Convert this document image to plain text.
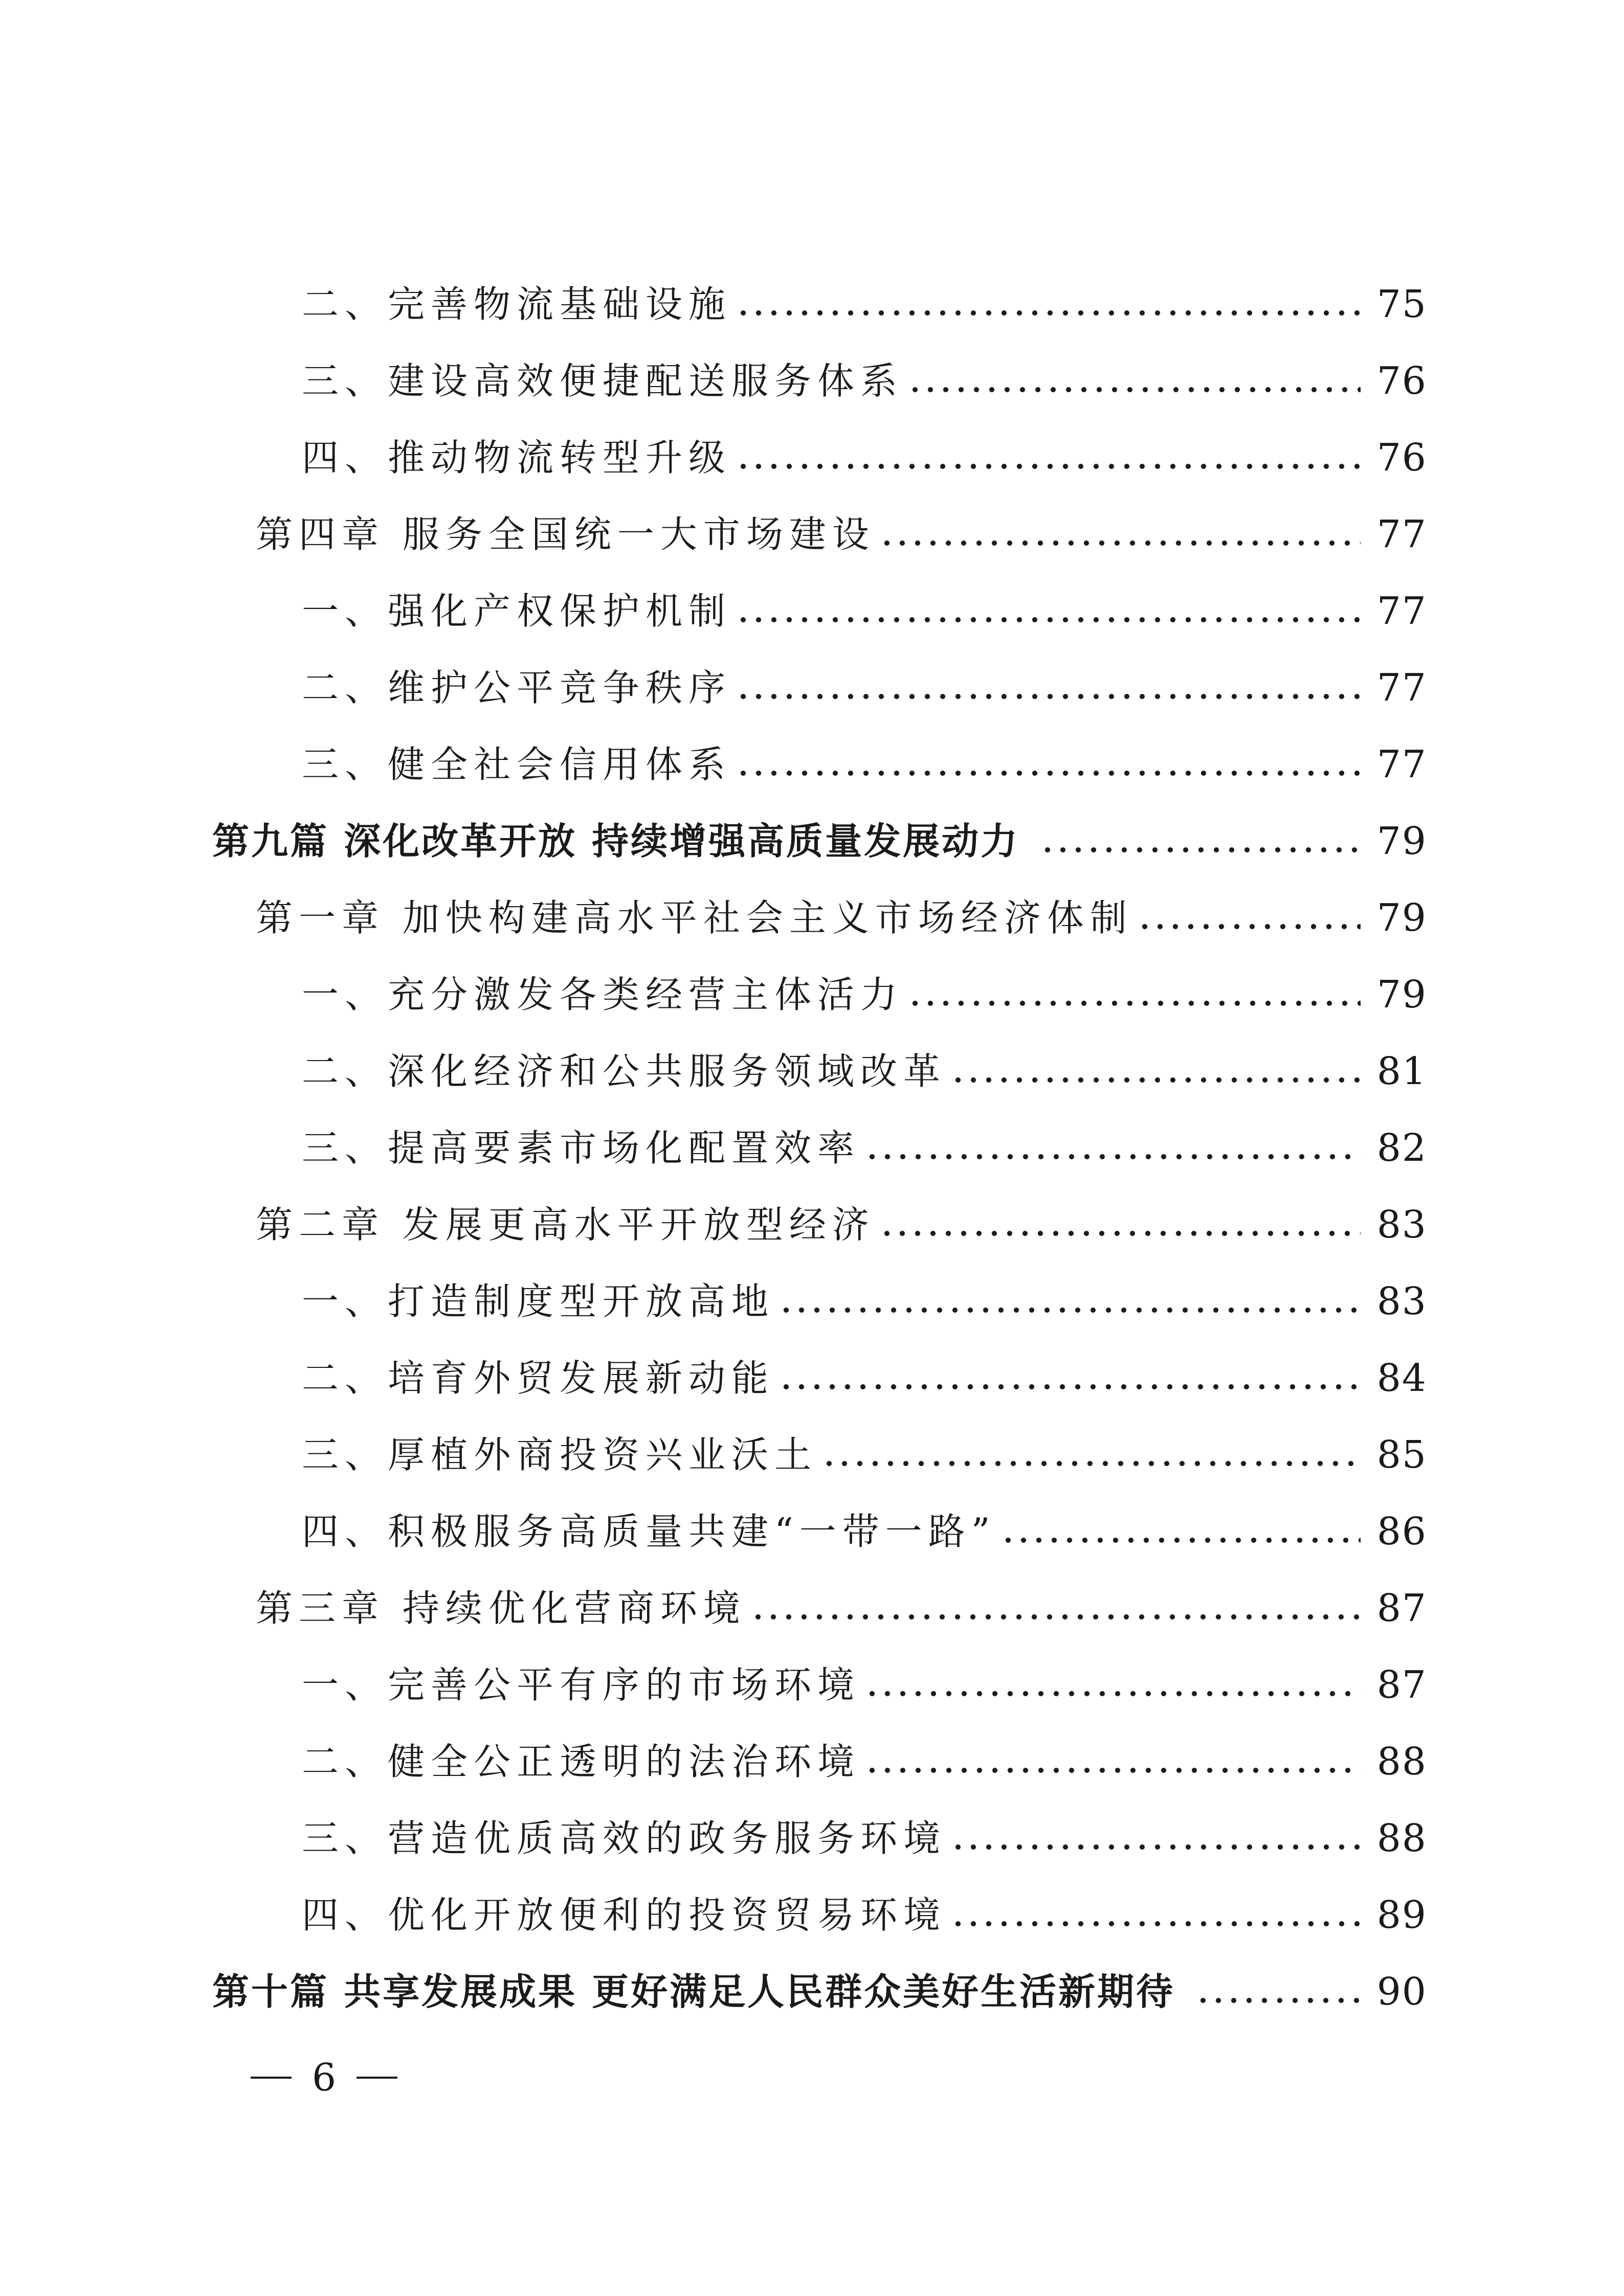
二、完善物流基础设施	75
三、建设高效便捷配送服务体系	76
四、推动物流转型升级	76
第四章 服务全国统一大市场建设	77
一、强化产权保护机制	77
二、维护公平竞争秩序	77
三、健全社会信用体系	77
第九篇 深化改革开放 持续增强高质量发展动力	79
第一章 加快构建高水平社会主义市场经济体制	79
一、充分激发各类经营主体活力	79
二、深化经济和公共服务领域改革	81
三、提高要素市场化配置效率	82
第二章 发展更高水平开放型经济	83
一、打造制度型开放高地	83
二、培育外贸发展新动能	84
三、厚植外商投资兴业沃土	85
四、积极服务高质量共建“一带一路”	86
第三章 持续优化营商环境	87
一、完善公平有序的市场环境	87
二、健全公正透明的法治环境	88
三、营造优质高效的政务服务环境	88
四、优化开放便利的投资贸易环境	89
第十篇 共享发展成果 更好满足人民群众美好生活新期待	90
6
